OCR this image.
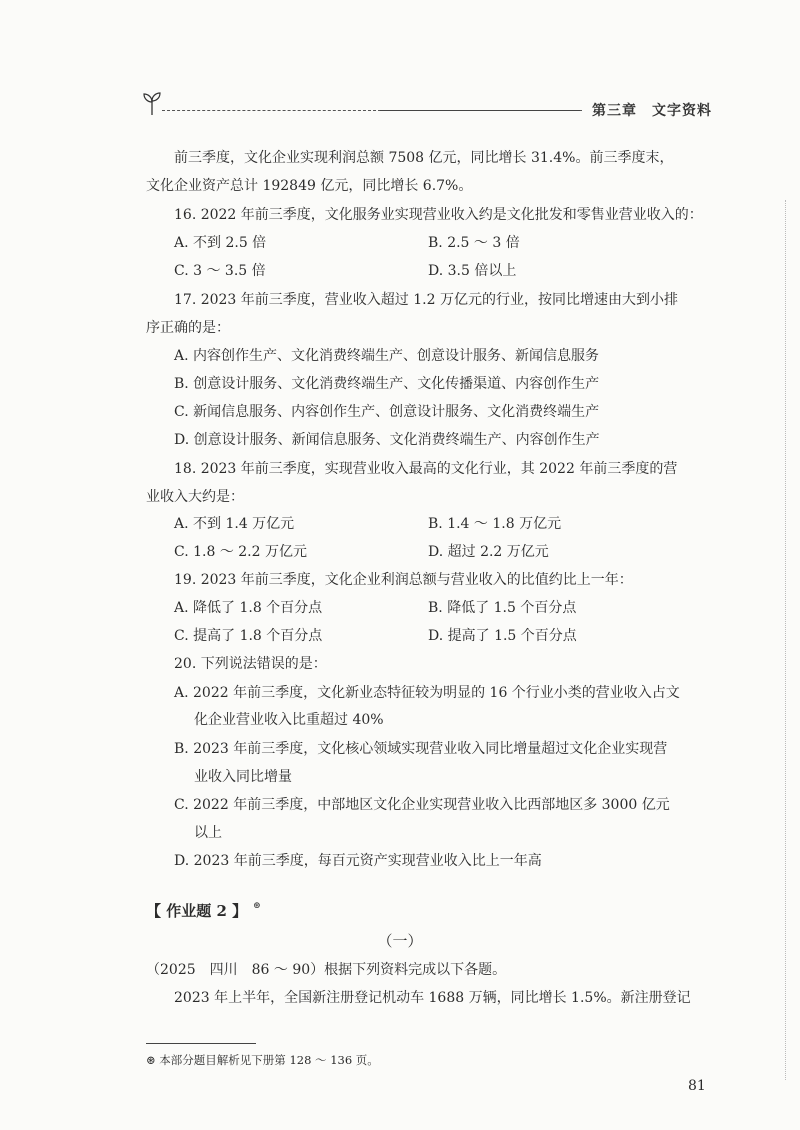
第三章　文字资料
前三季度，文化企业实现利润总额 7508 亿元，同比增长 31.4%。前三季度末，
文化企业资产总计 192849 亿元，同比增长 6.7%。
16. 2022 年前三季度，文化服务业实现营业收入约是文化批发和零售业营业收入的：
A. 不到 2.5 倍	B. 2.5 ～ 3 倍
C. 3 ～ 3.5 倍	D. 3.5 倍以上
17. 2023 年前三季度，营业收入超过 1.2 万亿元的行业，按同比增速由大到小排
序正确的是：
A. 内容创作生产、文化消费终端生产、创意设计服务、新闻信息服务
B. 创意设计服务、文化消费终端生产、文化传播渠道、内容创作生产
C. 新闻信息服务、内容创作生产、创意设计服务、文化消费终端生产
D. 创意设计服务、新闻信息服务、文化消费终端生产、内容创作生产
18. 2023 年前三季度，实现营业收入最高的文化行业，其 2022 年前三季度的营
业收入大约是：
A. 不到 1.4 万亿元	B. 1.4 ～ 1.8 万亿元
C. 1.8 ～ 2.2 万亿元	D. 超过 2.2 万亿元
19. 2023 年前三季度，文化企业利润总额与营业收入的比值约比上一年：
A. 降低了 1.8 个百分点	B. 降低了 1.5 个百分点
C. 提高了 1.8 个百分点	D. 提高了 1.5 个百分点
20. 下列说法错误的是：
A. 2022 年前三季度，文化新业态特征较为明显的 16 个行业小类的营业收入占文
化企业营业收入比重超过 40%
B. 2023 年前三季度，文化核心领域实现营业收入同比增量超过文化企业实现营
业收入同比增量
C. 2022 年前三季度，中部地区文化企业实现营业收入比西部地区多 3000 亿元
以上
D. 2023 年前三季度，每百元资产实现营业收入比上一年高
【 作业题 2 】 ⊛
（一）
（2025　四川　86 ～ 90）根据下列资料完成以下各题。
2023 年上半年，全国新注册登记机动车 1688 万辆，同比增长 1.5%。新注册登记
⊛ 本部分题目解析见下册第 128 ～ 136 页。
81
